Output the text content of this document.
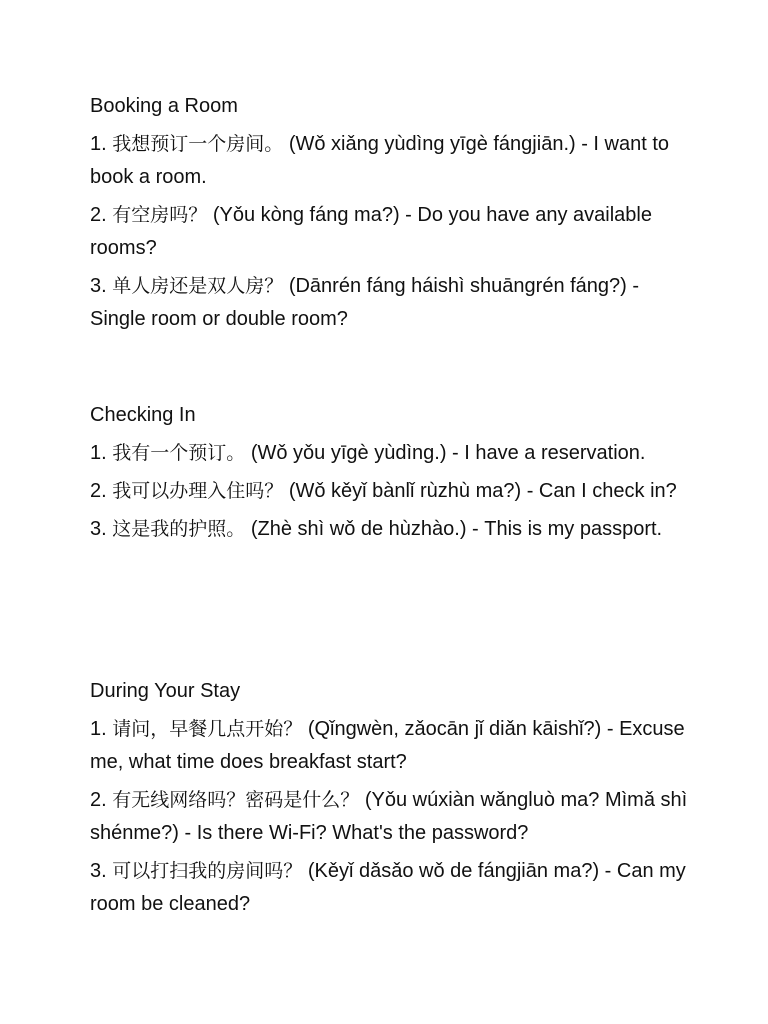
Booking a Room
1. 我想预订一个房间。 (Wǒ xiǎng yùdìng yīgè fángjiān.) - I want to book a room.
2. 有空房吗？ (Yǒu kòng fáng ma?) - Do you have any available rooms?
3. 单人房还是双人房？ (Dānrén fáng háishì shuāngrén fáng?) - Single room or double room?
Checking In
1. 我有一个预订。 (Wǒ yǒu yīgè yùdìng.) - I have a reservation.
2. 我可以办理入住吗？ (Wǒ kěyǐ bànlǐ rùzhù ma?) - Can I check in?
3. 这是我的护照。 (Zhè shì wǒ de hùzhào.) - This is my passport.
During Your Stay
1. 请问，早餐几点开始？ (Qǐngwèn, zǎocān jǐ diǎn kāishǐ?) - Excuse me, what time does breakfast start?
2. 有无线网络吗？密码是什么？ (Yǒu wúxiàn wǎngluò ma? Mìmǎ shì shénme?) - Is there Wi-Fi? What's the password?
3. 可以打扫我的房间吗？ (Kěyǐ dǎsǎo wǒ de fángjiān ma?) - Can my room be cleaned?
